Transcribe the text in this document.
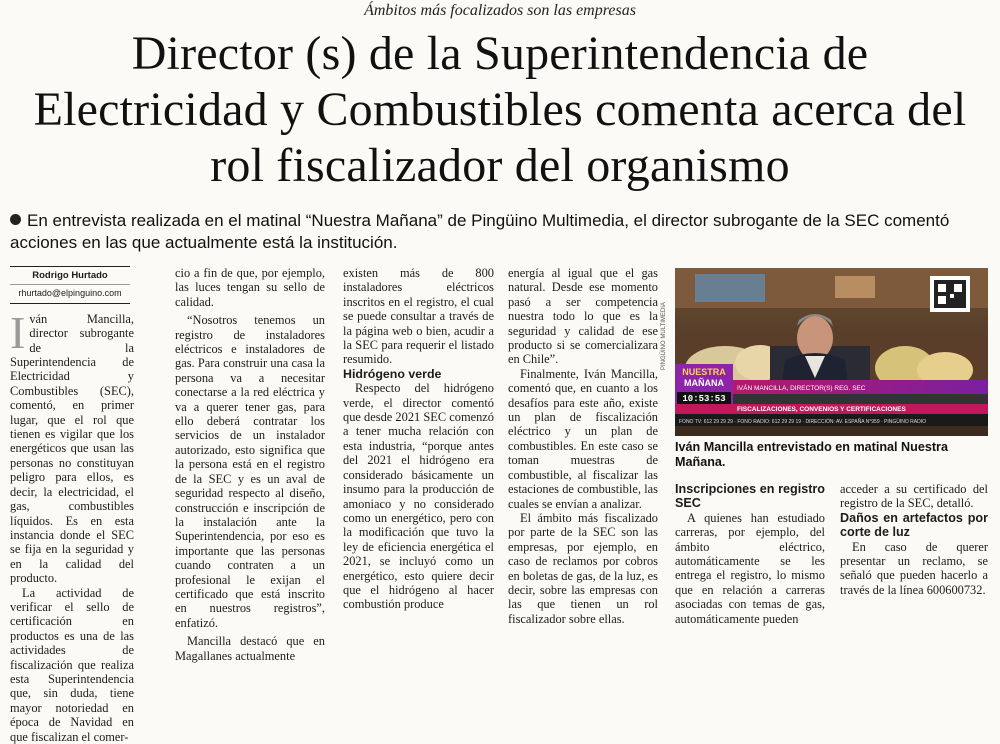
Ámbitos más focalizados son las empresas
Director (s) de la Superintendencia de Electricidad y Combustibles comenta acerca del rol fiscalizador del organismo
En entrevista realizada en el matinal “Nuestra Mañana” de Pingüino Multimedia, el director subrogante de la SEC comentó acciones en las que actualmente está la institución.
Rodrigo Hurtado
rhurtado@elpinguino.com

Iván Mancilla, director subrogante de la Superintendencia de Electricidad y Combustibles (SEC), comentó, en primer lugar, que el rol que tienen es vigilar que los energéticos que usan las personas no constituyan peligro para ellos, es decir, la electricidad, el gas, combustibles líquidos. Es en esta instancia donde el SEC se fija en la seguridad y en la calidad del producto.

La actividad de verificar el sello de certificación en productos es una de las actividades de fiscalización que realiza esta Superintendencia que, sin duda, tiene mayor notoriedad en época de Navidad en que fiscalizan el comer-

cio a fin de que, por ejemplo, las luces tengan su sello de calidad.

“Nosotros tenemos un registro de instaladores eléctricos e instaladores de gas. Para construir una casa la persona va a necesitar conectarse a la red eléctrica y va a querer tener gas, para ello deberá contratar los servicios de un instalador autorizado, esto significa que la persona está en el registro de la SEC y es un aval de seguridad respecto al diseño, construcción e inscripción de la instalación ante la Superintendencia, por eso es importante que las personas cuando contraten a un profesional le exijan el certificado que está inscrito en nuestros registros”, enfatizó.

Mancilla destacó que en Magallanes actualmente

existen más de 800 instaladores eléctricos inscritos en el registro, el cual se puede consultar a través de la página web o bien, acudir a la SEC para requerir el listado resumido.

Hidrógeno verde

Respecto del hidrógeno verde, el director comentó que desde 2021 SEC comenzó a tener mucha relación con esta industria, “porque antes del 2021 el hidrógeno era considerado básicamente un insumo para la producción de amoniaco y no considerado como un energético, pero con la modificación que tuvo la ley de eficiencia energética el 2021, se incluyó como un energético, esto quiere decir que el hidrógeno al hacer combustión produce

energía al igual que el gas natural. Desde ese momento pasó a ser competencia nuestra todo lo que es la seguridad y calidad de ese producto si se comercializara en Chile”.

Finalmente, Iván Mancilla, comentó que, en cuanto a los desafíos para este año, existe un plan de fiscalización eléctrico y un plan de combustibles. En este caso se toman muestras de combustible, al fiscalizar las estaciones de combustible, las cuales se envían a analizar.

El ámbito más fiscalizado por parte de la SEC son las empresas, por ejemplo, en caso de reclamos por cobros en boletas de gas, de la luz, es decir, sobre las empresas con las que tienen un rol fiscalizador sobre ellas.

NUESTRA
MAÑANA
10:53:53
IVÁN MANCILLA, DIRECTOR(S) REG. SEC
FISCALIZACIONES, CONVENIOS Y CERTIFICACIONES
FONO TV: 612 29 29 29 · FONO RADIO: 612 29 29 19 · DIRECCIÓN: AV. ESPAÑA N°959 · PINGÜINO RADIO
PINGÜINO MULTIMEDIA
Iván Mancilla entrevistado en matinal Nuestra Mañana.

Inscripciones en registro SEC

A quienes han estudiado carreras, por ejemplo, del ámbito eléctrico, automáticamente se les entrega el registro, lo mismo que en relación a carreras asociadas con temas de gas, automáticamente pueden

acceder a su certificado del registro de la SEC, detalló.

Daños en artefactos por corte de luz

En caso de querer presentar un reclamo, se señaló que pueden hacerlo a través de la línea 600600732.
